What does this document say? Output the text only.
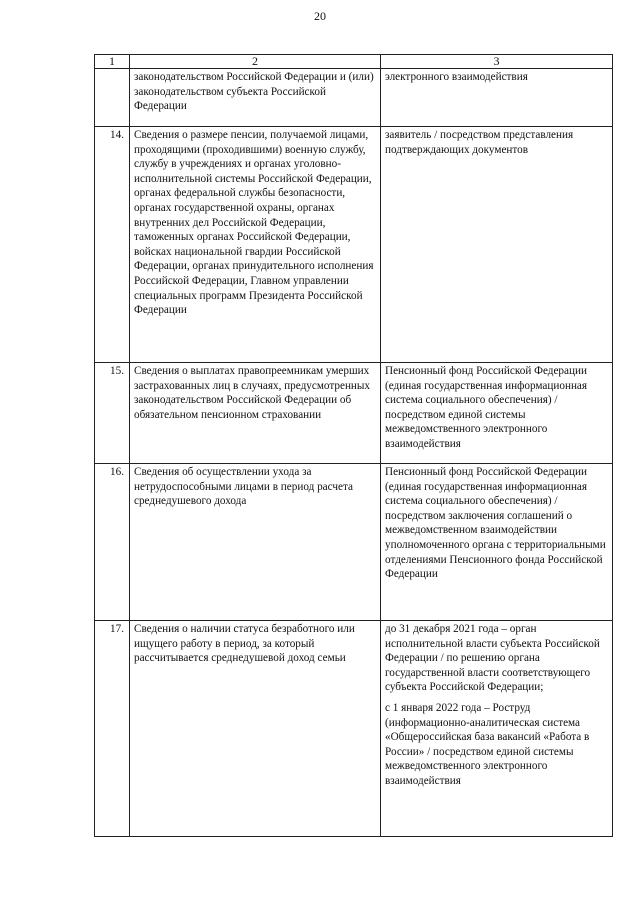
20
1	2	3
	законодательством Российской Федерации и (или) законодательством субъекта Российской Федерации	электронного взаимодействия

14.	Сведения о размере пенсии, получаемой лицами, проходящими (проходившими) военную службу, службу в учреждениях и органах уголовно-исполнительной системы Российской Федерации, органах федеральной службы безопасности, органах государственной охраны, органах внутренних дел Российской Федерации, таможенных органах Российской Федерации, войсках национальной гвардии Российской Федерации, органах принудительного исполнения Российской Федерации, Главном управлении специальных программ Президента Российской Федерации	заявитель / посредством представления подтверждающих документов

15.	Сведения о выплатах правопреемникам умерших застрахованных лиц в случаях, предусмотренных законодательством Российской Федерации об обязательном пенсионном страховании	Пенсионный фонд Российской Федерации (единая государственная информационная система социального обеспечения) / посредством единой системы межведомственного электронного взаимодействия

16.	Сведения об осуществлении ухода за нетрудоспособными лицами в период расчета среднедушевого дохода	Пенсионный фонд Российской Федерации (единая государственная информационная система социального обеспечения) / посредством заключения соглашений о межведомственном взаимодействии уполномоченного органа с территориальными отделениями Пенсионного фонда Российской Федерации

17.	Сведения о наличии статуса безработного или ищущего работу в период, за который рассчитывается среднедушевой доход семьи	до 31 декабря 2021 года – орган исполнительной власти субъекта Российской Федерации / по решению органа государственной власти соответствующего субъекта Российской Федерации;
с 1 января 2022 года – Роструд (информационно-аналитическая система «Общероссийская база вакансий «Работа в России» / посредством единой системы межведомственного электронного взаимодействия
